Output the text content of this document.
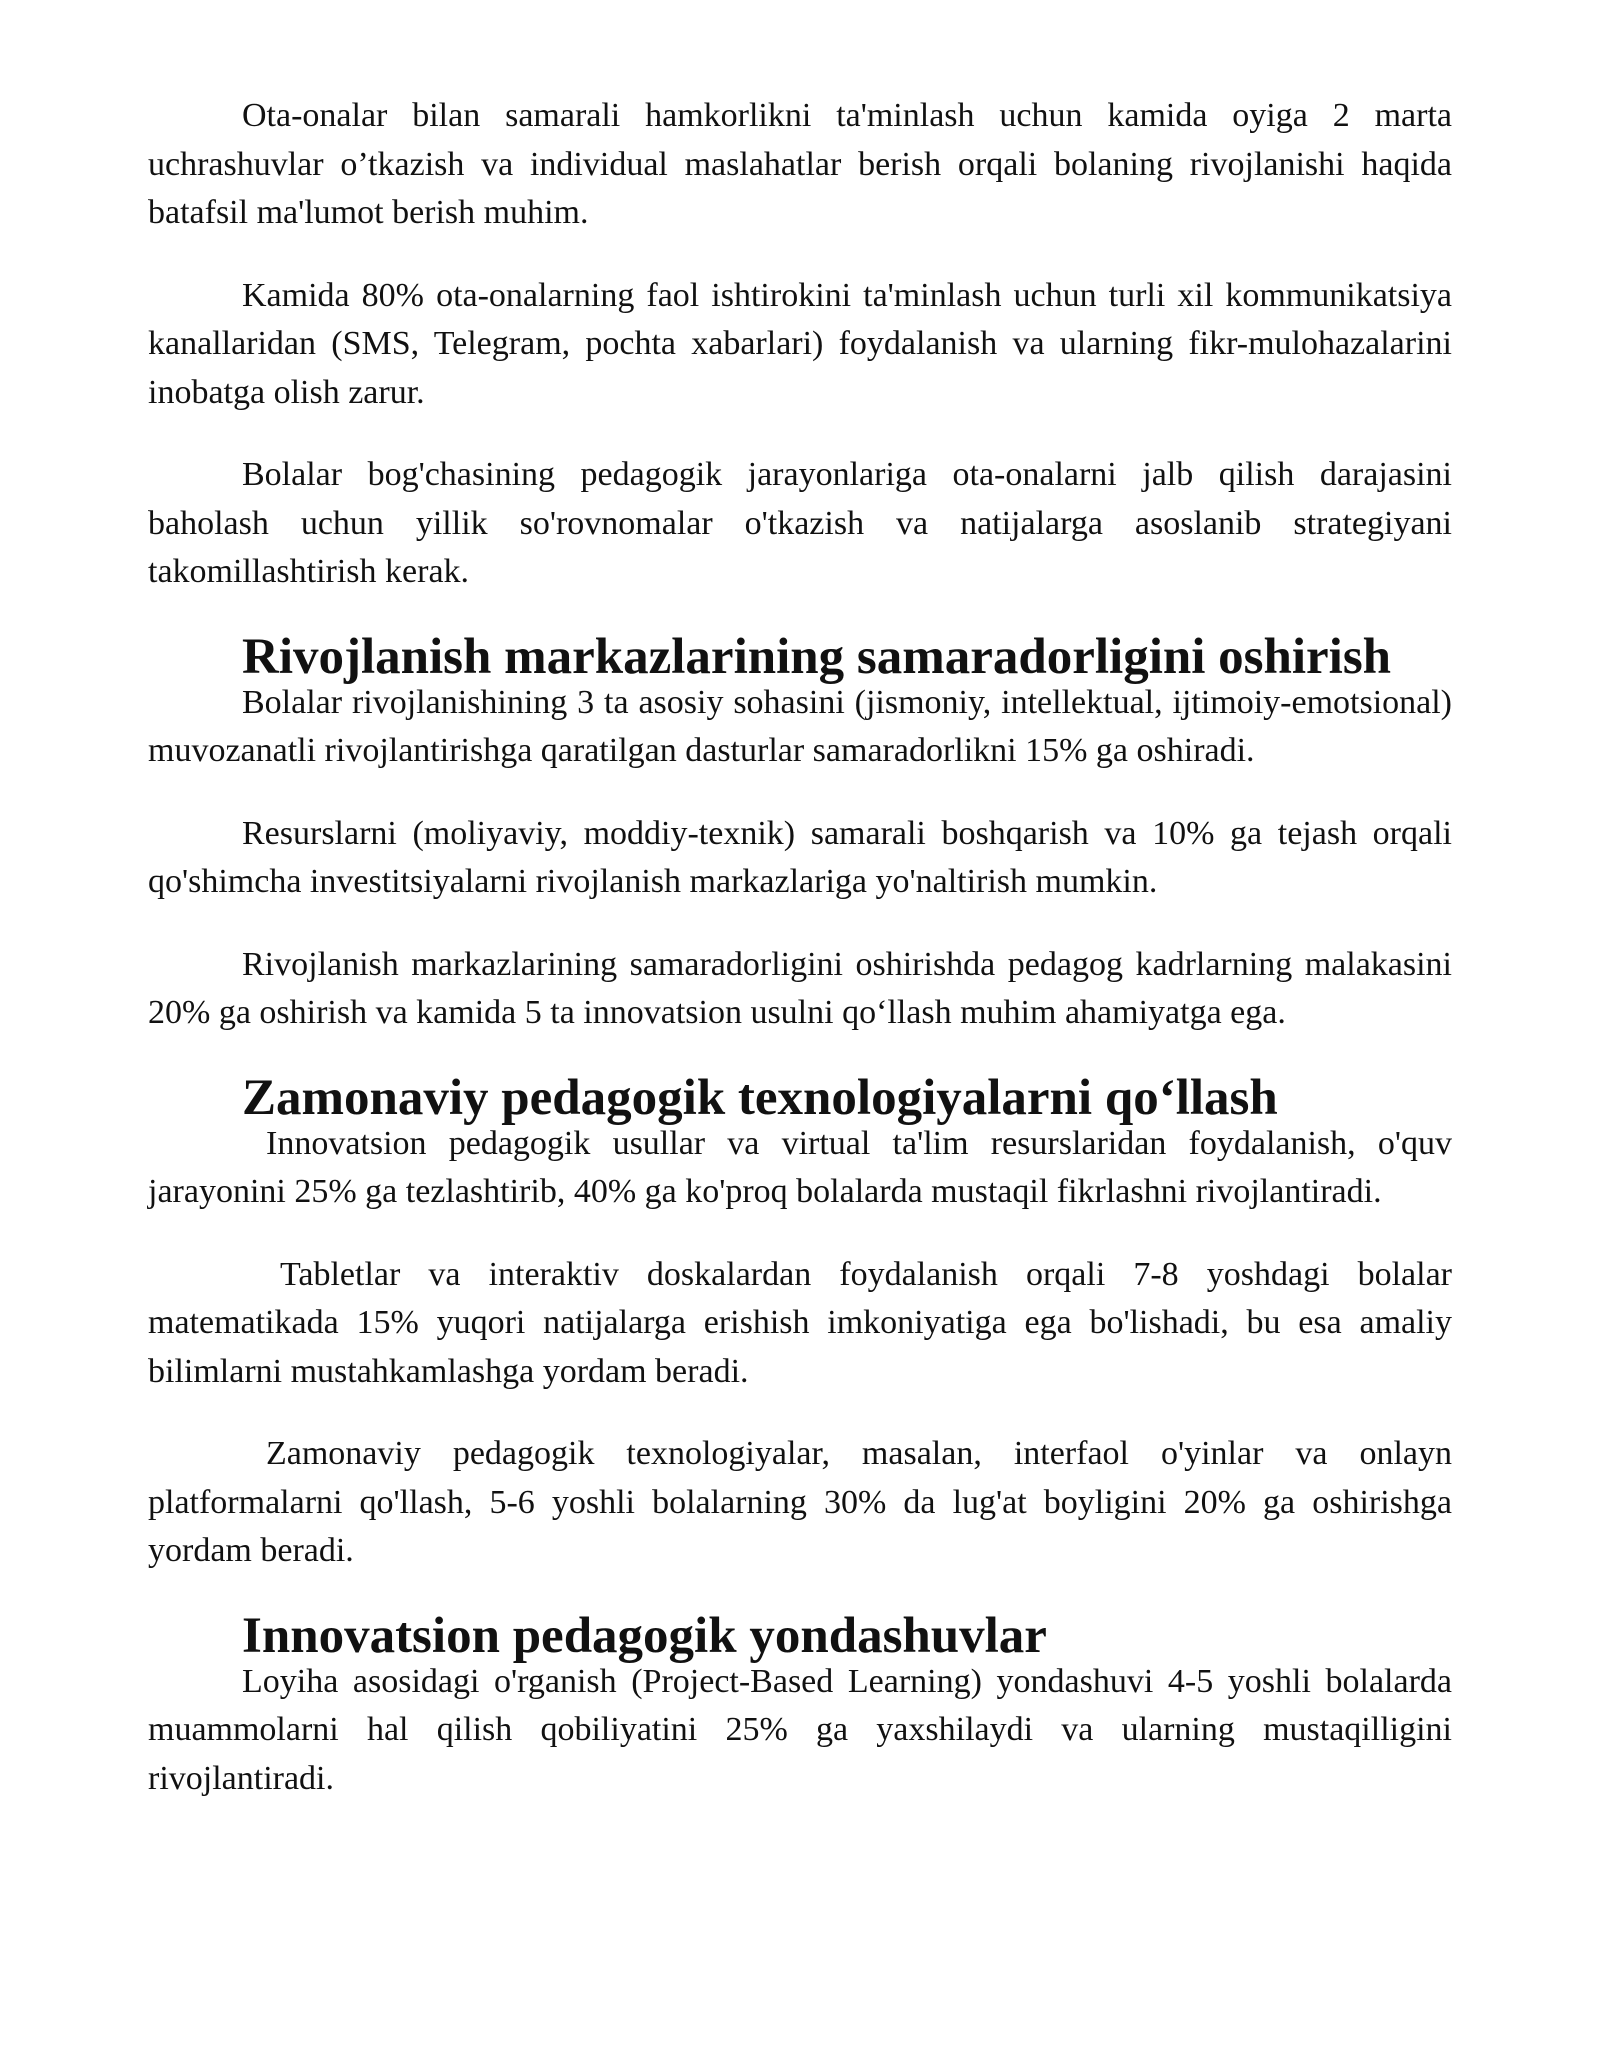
Ota-onalar bilan samarali hamkorlikni ta'minlash uchun kamida oyiga 2 marta uchrashuvlar o’tkazish va individual maslahatlar berish orqali bolaning rivojlanishi haqida batafsil ma'lumot berish muhim.

Kamida 80% ota-onalarning faol ishtirokini ta'minlash uchun turli xil kommunikatsiya kanallaridan (SMS, Telegram, pochta xabarlari) foydalanish va ularning fikr-mulohazalarini inobatga olish zarur.

Bolalar bog'chasining pedagogik jarayonlariga ota-onalarni jalb qilish darajasini baholash uchun yillik so'rovnomalar o'tkazish va natijalarga asoslanib strategiyani takomillashtirish kerak.

Rivojlanish markazlarining samaradorligini oshirish

Bolalar rivojlanishining 3 ta asosiy sohasini (jismoniy, intellektual, ijtimoiy-emotsional) muvozanatli rivojlantirishga qaratilgan dasturlar samaradorlikni 15% ga oshiradi.

Resurslarni (moliyaviy, moddiy-texnik) samarali boshqarish va 10% ga tejash orqali qo'shimcha investitsiyalarni rivojlanish markazlariga yo'naltirish mumkin.

Rivojlanish markazlarining samaradorligini oshirishda pedagog kadrlarning malakasini 20% ga oshirish va kamida 5 ta innovatsion usulni qo‘llash muhim ahamiyatga ega.

Zamonaviy pedagogik texnologiyalarni qo‘llash

Innovatsion pedagogik usullar va virtual ta'lim resurslaridan foydalanish, o'quv jarayonini 25% ga tezlashtirib, 40% ga ko'proq bolalarda mustaqil fikrlashni rivojlantiradi.

Tabletlar va interaktiv doskalardan foydalanish orqali 7-8 yoshdagi bolalar matematikada 15% yuqori natijalarga erishish imkoniyatiga ega bo'lishadi, bu esa amaliy bilimlarni mustahkamlashga yordam beradi.

Zamonaviy pedagogik texnologiyalar, masalan, interfaol o'yinlar va onlayn platformalarni qo'llash, 5-6 yoshli bolalarning 30% da lug'at boyligini 20% ga oshirishga yordam beradi.

Innovatsion pedagogik yondashuvlar

Loyiha asosidagi o'rganish (Project-Based Learning) yondashuvi 4-5 yoshli bolalarda muammolarni hal qilish qobiliyatini 25% ga yaxshilaydi va ularning mustaqilligini rivojlantiradi.
